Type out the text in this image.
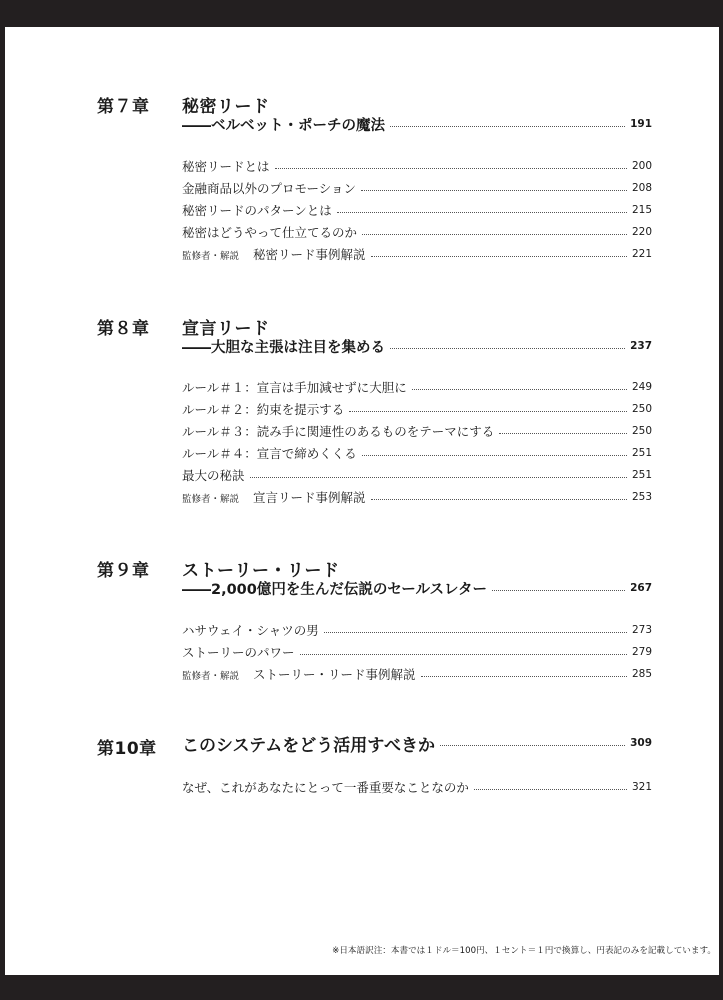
第７章	秘密リード
――ベルベット・ポーチの魔法	191
秘密リードとは	200
金融商品以外のプロモーション	208
秘密リードのパターンとは	215
秘密はどうやって仕立てるのか	220
監修者・解説 秘密リード事例解説	221
第８章	宣言リード
――大胆な主張は注目を集める	237
ルール＃１：宣言は手加減せずに大胆に	249
ルール＃２：約束を提示する	250
ルール＃３：読み手に関連性のあるものをテーマにする	250
ルール＃４：宣言で締めくくる	251
最大の秘訣	251
監修者・解説 宣言リード事例解説	253
第９章	ストーリー・リード
――2,000億円を生んだ伝説のセールスレター	267
ハサウェイ・シャツの男	273
ストーリーのパワー	279
監修者・解説 ストーリー・リード事例解説	285
第10章	このシステムをどう活用すべきか	309
なぜ、これがあなたにとって一番重要なことなのか	321
※日本語訳注：本書では１ドル＝100円、１セント＝１円で換算し、円表記のみを記載しています。
